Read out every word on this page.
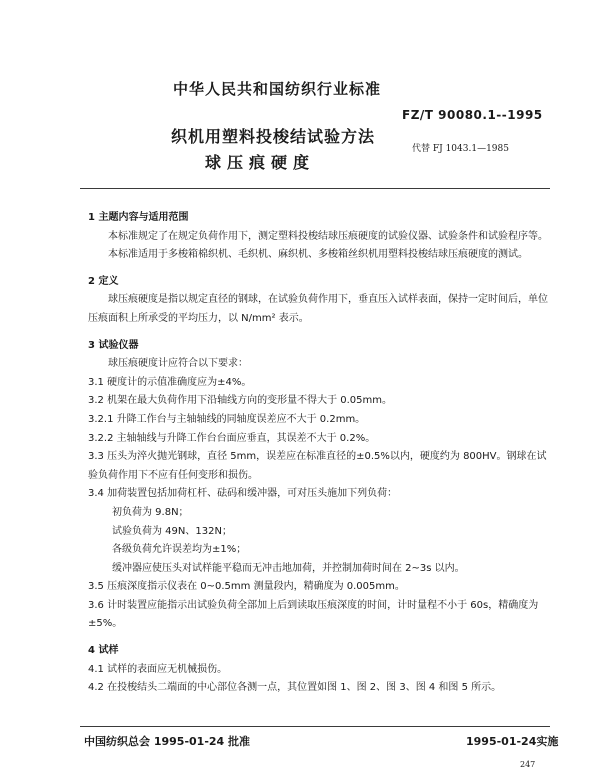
中华人民共和国纺织行业标准
FZ/T 90080.1--1995
织机用塑料投梭结试验方法
球压痕硬度
代替 FJ 1043.1—1985

1 主题内容与适用范围

本标准规定了在规定负荷作用下，测定塑料投梭结球压痕硬度的试验仪器、试验条件和试验程序等。

本标准适用于多梭箱棉织机、毛织机、麻织机、多梭箱丝织机用塑料投梭结球压痕硬度的测试。

2 定义

球压痕硬度是指以规定直径的钢球，在试验负荷作用下，垂直压入试样表面，保持一定时间后，单位压痕面积上所承受的平均压力，以 N/mm² 表示。

3 试验仪器

球压痕硬度计应符合以下要求：

3.1 硬度计的示值准确度应为±4%。

3.2 机架在最大负荷作用下沿轴线方向的变形量不得大于 0.05mm。

3.2.1 升降工作台与主轴轴线的同轴度误差应不大于 0.2mm。

3.2.2 主轴轴线与升降工作台台面应垂直，其误差不大于 0.2%。

3.3 压头为淬火抛光钢球，直径 5mm，误差应在标准直径的±0.5%以内，硬度约为 800HV。钢球在试验负荷作用下不应有任何变形和损伤。

3.4 加荷装置包括加荷杠杆、砝码和缓冲器，可对压头施加下列负荷：

初负荷为 9.8N；

试验负荷为 49N、132N；

各级负荷允许误差均为±1%；

缓冲器应使压头对试样能平稳而无冲击地加荷，并控制加荷时间在 2~3s 以内。

3.5 压痕深度指示仪表在 0~0.5mm 测量段内，精确度为 0.005mm。

3.6 计时装置应能指示出试验负荷全部加上后到读取压痕深度的时间，计时量程不小于 60s，精确度为±5%。

4 试样

4.1 试样的表面应无机械损伤。

4.2 在投梭结头二端面的中心部位各测一点，其位置如图 1、图 2、图 3、图 4 和图 5 所示。

中国纺织总会 1995-01-24 批准	1995-01-24实施
247
